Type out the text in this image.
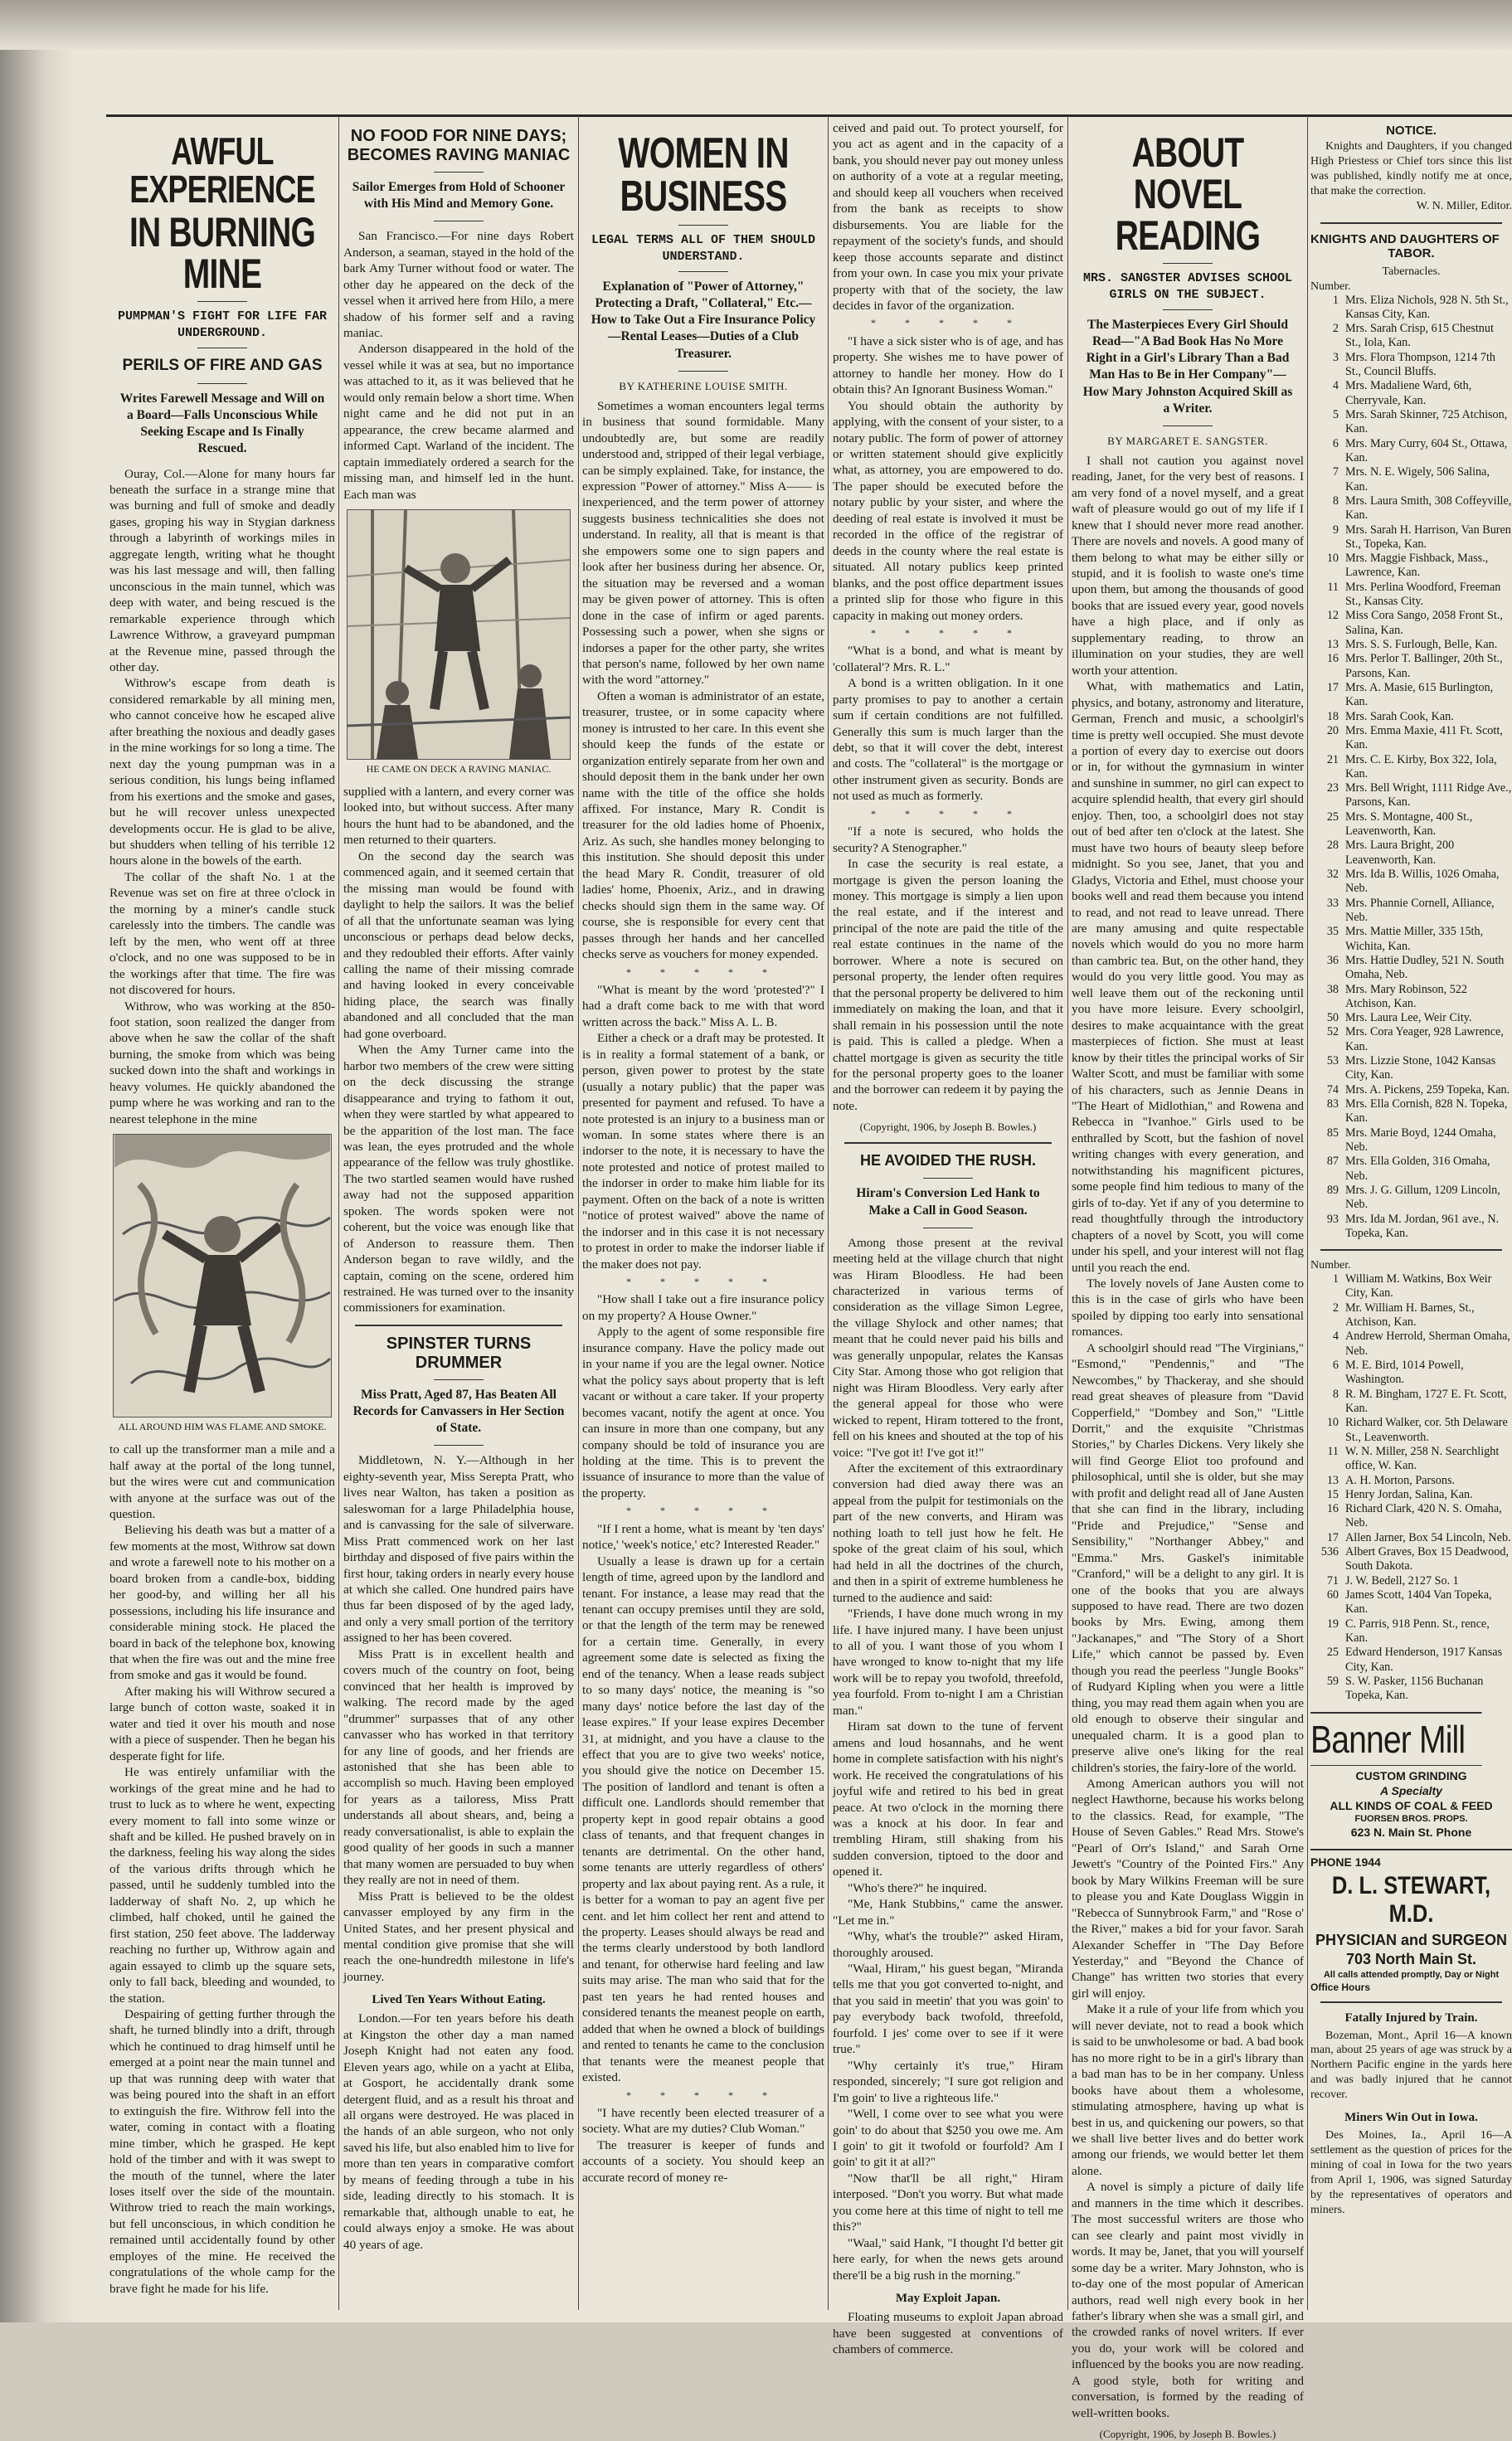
AWFUL EXPERIENCE
IN BURNING MINE
PUMPMAN'S FIGHT FOR LIFE FAR UNDERGROUND.
PERILS OF FIRE AND GAS
Writes Farewell Message and Will on a Board—Falls Unconscious While Seeking Escape and Is Finally Rescued.

Ouray, Col.—Alone for many hours far beneath the surface in a strange mine that was burning and full of smoke and deadly gases, groping his way in Stygian darkness through a labyrinth of workings miles in aggregate length, writing what he thought was his last message and will, then falling unconscious in the main tunnel, which was deep with water, and being rescued is the remarkable experience through which Lawrence Withrow, a graveyard pumpman at the Revenue mine, passed through the other day.

Withrow's escape from death is considered remarkable by all mining men, who cannot conceive how he escaped alive after breathing the noxious and deadly gases in the mine workings for so long a time. The next day the young pumpman was in a serious condition, his lungs being inflamed from his exertions and the smoke and gases, but he will recover unless unexpected developments occur. He is glad to be alive, but shudders when telling of his terrible 12 hours alone in the bowels of the earth.

The collar of the shaft No. 1 at the Revenue was set on fire at three o'clock in the morning by a miner's candle stuck carelessly into the timbers. The candle was left by the men, who went off at three o'clock, and no one was supposed to be in the workings after that time. The fire was not discovered for hours.

Withrow, who was working at the 850-foot station, soon realized the danger from above when he saw the collar of the shaft burning, the smoke from which was being sucked down into the shaft and workings in heavy volumes. He quickly abandoned the pump where he was working and ran to the nearest telephone in the mine

ALL AROUND HIM WAS FLAME AND SMOKE.

to call up the transformer man a mile and a half away at the portal of the long tunnel, but the wires were cut and communication with anyone at the surface was out of the question.

Believing his death was but a matter of a few moments at the most, Withrow sat down and wrote a farewell note to his mother on a board broken from a candle-box, bidding her good-by, and willing her all his possessions, including his life insurance and considerable mining stock. He placed the board in back of the telephone box, knowing that when the fire was out and the mine free from smoke and gas it would be found.

After making his will Withrow secured a large bunch of cotton waste, soaked it in water and tied it over his mouth and nose with a piece of suspender. Then he began his desperate fight for life.

He was entirely unfamiliar with the workings of the great mine and he had to trust to luck as to where he went, expecting every moment to fall into some winze or shaft and be killed. He pushed bravely on in the darkness, feeling his way along the sides of the various drifts through which he passed, until he suddenly tumbled into the ladderway of shaft No. 2, up which he climbed, half choked, until he gained the first station, 250 feet above. The ladderway reaching no further up, Withrow again and again essayed to climb up the square sets, only to fall back, bleeding and wounded, to the station.

Despairing of getting further through the shaft, he turned blindly into a drift, through which he continued to drag himself until he emerged at a point near the main tunnel and up that was running deep with water that was being poured into the shaft in an effort to extinguish the fire. Withrow fell into the water, coming in contact with a floating mine timber, which he grasped. He kept hold of the timber and with it was swept to the mouth of the tunnel, where the later loses itself over the side of the mountain. Withrow tried to reach the main workings, but fell unconscious, in which condition he remained until accidentally found by other employes of the mine. He received the congratulations of the whole camp for the brave fight he made for his life.

NO FOOD FOR NINE DAYS; BECOMES RAVING MANIAC
Sailor Emerges from Hold of Schooner with His Mind and Memory Gone.

San Francisco.—For nine days Robert Anderson, a seaman, stayed in the hold of the bark Amy Turner without food or water. The other day he appeared on the deck of the vessel when it arrived here from Hilo, a mere shadow of his former self and a raving maniac.

Anderson disappeared in the hold of the vessel while it was at sea, but no importance was attached to it, as it was believed that he would only remain below a short time. When night came and he did not put in an appearance, the crew became alarmed and informed Capt. Warland of the incident. The captain immediately ordered a search for the missing man, and himself led in the hunt. Each man was

HE CAME ON DECK A RAVING MANIAC.

supplied with a lantern, and every corner was looked into, but without success. After many hours the hunt had to be abandoned, and the men returned to their quarters.

On the second day the search was commenced again, and it seemed certain that the missing man would be found with daylight to help the sailors. It was the belief of all that the unfortunate seaman was lying unconscious or perhaps dead below decks, and they redoubled their efforts. After vainly calling the name of their missing comrade and having looked in every conceivable hiding place, the search was finally abandoned and all concluded that the man had gone overboard.

When the Amy Turner came into the harbor two members of the crew were sitting on the deck discussing the strange disappearance and trying to fathom it out, when they were startled by what appeared to be the apparition of the lost man. The face was lean, the eyes protruded and the whole appearance of the fellow was truly ghostlike. The two startled seamen would have rushed away had not the supposed apparition spoken. The words spoken were not coherent, but the voice was enough like that of Anderson to reassure them. Then Anderson began to rave wildly, and the captain, coming on the scene, ordered him restrained. He was turned over to the insanity commissioners for examination.

SPINSTER TURNS DRUMMER
Miss Pratt, Aged 87, Has Beaten All Records for Canvassers in Her Section of State.

Middletown, N. Y.—Although in her eighty-seventh year, Miss Serepta Pratt, who lives near Walton, has taken a position as saleswoman for a large Philadelphia house, and is canvassing for the sale of silverware. Miss Pratt commenced work on her last birthday and disposed of five pairs within the first hour, taking orders in nearly every house at which she called. One hundred pairs have thus far been disposed of by the aged lady, and only a very small portion of the territory assigned to her has been covered.

Miss Pratt is in excellent health and covers much of the country on foot, being convinced that her health is improved by walking. The record made by the aged "drummer" surpasses that of any other canvasser who has worked in that territory for any line of goods, and her friends are astonished that she has been able to accomplish so much. Having been employed for years as a tailoress, Miss Pratt understands all about shears, and, being a ready conversationalist, is able to explain the good quality of her goods in such a manner that many women are persuaded to buy when they really are not in need of them.

Miss Pratt is believed to be the oldest canvasser employed by any firm in the United States, and her present physical and mental condition give promise that she will reach the one-hundredth milestone in life's journey.

Lived Ten Years Without Eating.

London.—For ten years before his death at Kingston the other day a man named Joseph Knight had not eaten any food. Eleven years ago, while on a yacht at Eliba, at Gosport, he accidentally drank some detergent fluid, and as a result his throat and all organs were destroyed. He was placed in the hands of an able surgeon, who not only saved his life, but also enabled him to live for more than ten years in comparative comfort by means of feeding through a tube in his side, leading directly to his stomach. It is remarkable that, although unable to eat, he could always enjoy a smoke. He was about 40 years of age.

WOMEN IN BUSINESS
LEGAL TERMS ALL OF THEM SHOULD UNDERSTAND.
Explanation of "Power of Attorney," Protecting a Draft, "Collateral," Etc.—How to Take Out a Fire Insurance Policy—Rental Leases—Duties of a Club Treasurer.
BY KATHERINE LOUISE SMITH.

Sometimes a woman encounters legal terms in business that sound formidable. Many undoubtedly are, but some are readily understood and, stripped of their legal verbiage, can be simply explained. Take, for instance, the expression "Power of attorney." Miss A—— is inexperienced, and the term power of attorney suggests business technicalities she does not understand. In reality, all that is meant is that she empowers some one to sign papers and look after her business during her absence. Or, the situation may be reversed and a woman may be given power of attorney. This is often done in the case of infirm or aged parents. Possessing such a power, when she signs or indorses a paper for the other party, she writes that person's name, followed by her own name with the word "attorney."

Often a woman is administrator of an estate, treasurer, trustee, or in some capacity where money is intrusted to her care. In this event she should keep the funds of the estate or organization entirely separate from her own and should deposit them in the bank under her own name with the title of the office she holds affixed. For instance, Mary R. Condit is treasurer for the old ladies home of Phoenix, Ariz. As such, she handles money belonging to this institution. She should deposit this under the head Mary R. Condit, treasurer of old ladies' home, Phoenix, Ariz., and in drawing checks should sign them in the same way. Of course, she is responsible for every cent that passes through her hands and her cancelled checks serve as vouchers for money expended.

* * * * *

"What is meant by the word 'protested'?" I had a draft come back to me with that word written across the back." Miss A. L. B.

Either a check or a draft may be protested. It is in reality a formal statement of a bank, or person, given power to protest by the state (usually a notary public) that the paper was presented for payment and refused. To have a note protested is an injury to a business man or woman. In some states where there is an indorser to the note, it is necessary to have the note protested and notice of protest mailed to the indorser in order to make him liable for its payment. Often on the back of a note is written "notice of protest waived" above the name of the indorser and in this case it is not necessary to protest in order to make the indorser liable if the maker does not pay.

* * * * *

"How shall I take out a fire insurance policy on my property? A House Owner."

Apply to the agent of some responsible fire insurance company. Have the policy made out in your name if you are the legal owner. Notice what the policy says about property that is left vacant or without a care taker. If your property becomes vacant, notify the agent at once. You can insure in more than one company, but any company should be told of insurance you are holding at the time. This is to prevent the issuance of insurance to more than the value of the property.

* * * * *

"If I rent a home, what is meant by 'ten days' notice,' 'week's notice,' etc? Interested Reader."

Usually a lease is drawn up for a certain length of time, agreed upon by the landlord and tenant. For instance, a lease may read that the tenant can occupy premises until they are sold, or that the length of the term may be renewed for a certain time. Generally, in every agreement some date is selected as fixing the end of the tenancy. When a lease reads subject to so many days' notice, the meaning is "so many days' notice before the last day of the lease expires." If your lease expires December 31, at midnight, and you have a clause to the effect that you are to give two weeks' notice, you should give the notice on December 15. The position of landlord and tenant is often a difficult one. Landlords should remember that property kept in good repair obtains a good class of tenants, and that frequent changes in tenants are detrimental. On the other hand, some tenants are utterly regardless of others' property and lax about paying rent. As a rule, it is better for a woman to pay an agent five per cent. and let him collect her rent and attend to the property. Leases should always be read and the terms clearly understood by both landlord and tenant, for otherwise hard feeling and law suits may arise. The man who said that for the past ten years he had rented houses and considered tenants the meanest people on earth, added that when he owned a block of buildings and rented to tenants he came to the conclusion that tenants were the meanest people that existed.

* * * * *

"I have recently been elected treasurer of a society. What are my duties? Club Woman."

The treasurer is keeper of funds and accounts of a society. You should keep an accurate record of money re-

ceived and paid out. To protect yourself, for you act as agent and in the capacity of a bank, you should never pay out money unless on authority of a vote at a regular meeting, and should keep all vouchers when received from the bank as receipts to show disbursements. You are liable for the repayment of the society's funds, and should keep those accounts separate and distinct from your own. In case you mix your private property with that of the society, the law decides in favor of the organization.

* * * * *

"I have a sick sister who is of age, and has property. She wishes me to have power of attorney to handle her money. How do I obtain this? An Ignorant Business Woman."

You should obtain the authority by applying, with the consent of your sister, to a notary public. The form of power of attorney or written statement should give explicitly what, as attorney, you are empowered to do. The paper should be executed before the notary public by your sister, and where the deeding of real estate is involved it must be recorded in the office of the registrar of deeds in the county where the real estate is situated. All notary publics keep printed blanks, and the post office department issues a printed slip for those who figure in this capacity in making out money orders.

* * * * *

"What is a bond, and what is meant by 'collateral'? Mrs. R. L."

A bond is a written obligation. In it one party promises to pay to another a certain sum if certain conditions are not fulfilled. Generally this sum is much larger than the debt, so that it will cover the debt, interest and costs. The "collateral" is the mortgage or other instrument given as security. Bonds are not used as much as formerly.

* * * * *

"If a note is secured, who holds the security? A Stenographer."

In case the security is real estate, a mortgage is given the person loaning the money. This mortgage is simply a lien upon the real estate, and if the interest and principal of the note are paid the title of the real estate continues in the name of the borrower. Where a note is secured on personal property, the lender often requires that the personal property be delivered to him immediately on making the loan, and that it shall remain in his possession until the note is paid. This is called a pledge. When a chattel mortgage is given as security the title for the personal property goes to the loaner and the borrower can redeem it by paying the note.

(Copyright, 1906, by Joseph B. Bowles.)
HE AVOIDED THE RUSH.
Hiram's Conversion Led Hank to Make a Call in Good Season.

Among those present at the revival meeting held at the village church that night was Hiram Bloodless. He had been characterized in various terms of consideration as the village Simon Legree, the village Shylock and other names; that meant that he could never paid his bills and was generally unpopular, relates the Kansas City Star. Among those who got religion that night was Hiram Bloodless. Very early after the general appeal for those who were wicked to repent, Hiram tottered to the front, fell on his knees and shouted at the top of his voice: "I've got it! I've got it!"

After the excitement of this extraordinary conversion had died away there was an appeal from the pulpit for testimonials on the part of the new converts, and Hiram was nothing loath to tell just how he felt. He spoke of the great claim of his soul, which had held in all the doctrines of the church, and then in a spirit of extreme humbleness he turned to the audience and said:

"Friends, I have done much wrong in my life. I have injured many. I have been unjust to all of you. I want those of you whom I have wronged to know to-night that my life work will be to repay you twofold, threefold, yea fourfold. From to-night I am a Christian man."

Hiram sat down to the tune of fervent amens and loud hosannahs, and he went home in complete satisfaction with his night's work. He received the congratulations of his joyful wife and retired to his bed in great peace. At two o'clock in the morning there was a knock at his door. In fear and trembling Hiram, still shaking from his sudden conversion, tiptoed to the door and opened it.

"Who's there?" he inquired.

"Me, Hank Stubbins," came the answer. "Let me in."

"Why, what's the trouble?" asked Hiram, thoroughly aroused.

"Waal, Hiram," his guest began, "Miranda tells me that you got converted to-night, and that you said in meetin' that you was goin' to pay everybody back twofold, threefold, fourfold. I jes' come over to see if it were true."

"Why certainly it's true," Hiram responded, sincerely; "I sure got religion and I'm goin' to live a righteous life."

"Well, I come over to see what you were goin' to do about that $250 you owe me. Am I goin' to git it twofold or fourfold? Am I goin' to git it at all?"

"Now that'll be all right," Hiram interposed. "Don't you worry. But what made you come here at this time of night to tell me this?"

"Waal," said Hank, "I thought I'd better git here early, for when the news gets around there'll be a big rush in the morning."

May Exploit Japan.

Floating museums to exploit Japan abroad have been suggested at conventions of chambers of commerce.

ABOUT NOVEL READING
MRS. SANGSTER ADVISES SCHOOL GIRLS ON THE SUBJECT.
The Masterpieces Every Girl Should Read—"A Bad Book Has No More Right in a Girl's Library Than a Bad Man Has to Be in Her Company"—How Mary Johnston Acquired Skill as a Writer.
BY MARGARET E. SANGSTER.

I shall not caution you against novel reading, Janet, for the very best of reasons. I am very fond of a novel myself, and a great waft of pleasure would go out of my life if I knew that I should never more read another. There are novels and novels. A good many of them belong to what may be either silly or stupid, and it is foolish to waste one's time upon them, but among the thousands of good books that are issued every year, good novels have a high place, and if only as supplementary reading, to throw an illumination on your studies, they are well worth your attention.

What, with mathematics and Latin, physics, and botany, astronomy and literature, German, French and music, a schoolgirl's time is pretty well occupied. She must devote a portion of every day to exercise out doors or in, for without the gymnasium in winter and sunshine in summer, no girl can expect to acquire splendid health, that every girl should enjoy. Then, too, a schoolgirl does not stay out of bed after ten o'clock at the latest. She must have two hours of beauty sleep before midnight. So you see, Janet, that you and Gladys, Victoria and Ethel, must choose your books well and read them because you intend to read, and not read to leave unread. There are many amusing and quite respectable novels which would do you no more harm than cambric tea. But, on the other hand, they would do you very little good. You may as well leave them out of the reckoning until you have more leisure. Every schoolgirl, desires to make acquaintance with the great masterpieces of fiction. She must at least know by their titles the principal works of Sir Walter Scott, and must be familiar with some of his characters, such as Jennie Deans in "The Heart of Midlothian," and Rowena and Rebecca in "Ivanhoe." Girls used to be enthralled by Scott, but the fashion of novel writing changes with every generation, and notwithstanding his magnificent pictures, some people find him tedious to many of the girls of to-day. Yet if any of you determine to read thoughtfully through the introductory chapters of a novel by Scott, you will come under his spell, and your interest will not flag until you reach the end.

The lovely novels of Jane Austen come to this is in the case of girls who have been spoiled by dipping too early into sensational romances.

A schoolgirl should read "The Virginians," "Esmond," "Pendennis," and "The Newcombes," by Thackeray, and she should read great sheaves of pleasure from "David Copperfield," "Dombey and Son," "Little Dorrit," and the exquisite "Christmas Stories," by Charles Dickens. Very likely she will find George Eliot too profound and philosophical, until she is older, but she may with profit and delight read all of Jane Austen that she can find in the library, including "Pride and Prejudice," "Sense and Sensibility," "Northanger Abbey," and "Emma." Mrs. Gaskel's inimitable "Cranford," will be a delight to any girl. It is one of the books that you are always supposed to have read. There are two dozen books by Mrs. Ewing, among them "Jackanapes," and "The Story of a Short Life," which cannot be passed by. Even though you read the peerless "Jungle Books" of Rudyard Kipling when you were a little thing, you may read them again when you are old enough to observe their singular and unequaled charm. It is a good plan to preserve alive one's liking for the real children's stories, the fairy-lore of the world.

Among American authors you will not neglect Hawthorne, because his works belong to the classics. Read, for example, "The House of Seven Gables." Read Mrs. Stowe's "Pearl of Orr's Island," and Sarah Orne Jewett's "Country of the Pointed Firs." Any book by Mary Wilkins Freeman will be sure to please you and Kate Douglass Wiggin in "Rebecca of Sunnybrook Farm," and "Rose o' the River," makes a bid for your favor. Sarah Alexander Scheffer in "The Day Before Yesterday," and "Beyond the Chance of Change" has written two stories that every girl will enjoy.

Make it a rule of your life from which you will never deviate, not to read a book which is said to be unwholesome or bad. A bad book has no more right to be in a girl's library than a bad man has to be in her company. Unless books have about them a wholesome, stimulating atmosphere, having up what is best in us, and quickening our powers, so that we shall live better lives and do better work among our friends, we would better let them alone.

A novel is simply a picture of daily life and manners in the time which it describes. The most successful writers are those who can see clearly and paint most vividly in words. It may be, Janet, that you will yourself some day be a writer. Mary Johnston, who is to-day one of the most popular of American authors, read well nigh every book in her father's library when she was a small girl, and the crowded ranks of novel writers. If ever you do, your work will be colored and influenced by the books you are now reading. A good style, both for writing and conversation, is formed by the reading of well-written books.

(Copyright, 1906, by Joseph B. Bowles.)
NOTICE.

Knights and Daughters, if you changed High Priestess or Chief tors since this list was published, kindly notify me at once, that make the correction.

W. N. Miller, Editor.

KNIGHTS AND DAUGHTERS OF
TABOR.
Tabernacles.
Number.
1 Mrs. Eliza Nichols, 928 N. 5th St., Kansas City, Kan.
2 Mrs. Sarah Crisp, 615 Chestnut St., Iola, Kan.
3 Mrs. Flora Thompson, 1214 7th St., Council Bluffs.
4 Mrs. Madaliene Ward, 6th, Cherryvale, Kan.
5 Mrs. Sarah Skinner, 725 Atchison, Kan.
6 Mrs. Mary Curry, 604 St., Ottawa, Kan.
7 Mrs. N. E. Wigely, 506 Salina, Kan.
8 Mrs. Laura Smith, 308 Coffeyville, Kan.
9 Mrs. Sarah H. Harrison, Van Buren St., Topeka, Kan.
10 Mrs. Maggie Fishback, Mass., Lawrence, Kan.
11 Mrs. Perlina Woodford, Freeman St., Kansas City.
12 Miss Cora Sango, 2058 Front St., Salina, Kan.
13 Mrs. S. S. Furlough, Belle, Kan.
16 Mrs. Perlor T. Ballinger, 20th St., Parsons, Kan.
17 Mrs. A. Masie, 615 Burlington, Kan.
18 Mrs. Sarah Cook, Kan.
20 Mrs. Emma Maxie, 411 Ft. Scott, Kan.
21 Mrs. C. E. Kirby, Box 322, Iola, Kan.
23 Mrs. Bell Wright, 1111 Ridge Ave., Parsons, Kan.
25 Mrs. S. Montagne, 400 St., Leavenworth, Kan.
28 Mrs. Laura Bright, 200 Leavenworth, Kan.
32 Mrs. Ida B. Willis, 1026 Omaha, Neb.
33 Mrs. Phannie Cornell, Alliance, Neb.
35 Mrs. Mattie Miller, 335 15th, Wichita, Kan.
36 Mrs. Hattie Dudley, 521 N. South Omaha, Neb.
38 Mrs. Mary Robinson, 522 Atchison, Kan.
50 Mrs. Laura Lee, Weir City.
52 Mrs. Cora Yeager, 928 Lawrence, Kan.
53 Mrs. Lizzie Stone, 1042 Kansas City, Kan.
74 Mrs. A. Pickens, 259 Topeka, Kan.
83 Mrs. Ella Cornish, 828 N. Topeka, Kan.
85 Mrs. Marie Boyd, 1244 Omaha, Neb.
87 Mrs. Ella Golden, 316 Omaha, Neb.
89 Mrs. J. G. Gillum, 1209 Lincoln, Neb.
93 Mrs. Ida M. Jordan, 961 ave., N. Topeka, Kan.
Number.
1 William M. Watkins, Box Weir City, Kan.
2 Mr. William H. Barnes, St., Atchison, Kan.
4 Andrew Herrold, Sherman Omaha, Neb.
6 M. E. Bird, 1014 Powell, Washington.
8 R. M. Bingham, 1727 E. Ft. Scott, Kan.
10 Richard Walker, cor. 5th Delaware St., Leavenworth.
11 W. N. Miller, 258 N. Searchlight office, W. Kan.
13 A. H. Morton, Parsons.
15 Henry Jordan, Salina, Kan.
16 Richard Clark, 420 N. S. Omaha, Neb.
17 Allen Jarner, Box 54 Lincoln, Neb.
536 Albert Graves, Box 15 Deadwood, South Dakota.
71 J. W. Bedell, 2127 So. 1
60 James Scott, 1404 Van Topeka, Kan.
19 C. Parris, 918 Penn. St., rence, Kan.
25 Edward Henderson, 1917 Kansas City, Kan.
59 S. W. Pasker, 1156 Buchanan Topeka, Kan.
Banner Mill
CUSTOM GRINDING
A Specialty
ALL KINDS OF COAL & FEED
FUORSEN BROS. PROPS.
623 N. Main St. Phone
PHONE 1944
D. L. STEWART, M.D.
PHYSICIAN and SURGEON
703 North Main St.
All calls attended promptly, Day or Night
Office Hours
Fatally Injured by Train.

Bozeman, Mont., April 16—A known man, about 25 years of age was struck by a Northern Pacific engine in the yards here and was badly injured that he cannot recover.

Miners Win Out in Iowa.

Des Moines, Ia., April 16—A settlement as the question of prices for the mining of coal in Iowa for the two years from April 1, 1906, was signed Saturday by the representatives of operators and miners.
